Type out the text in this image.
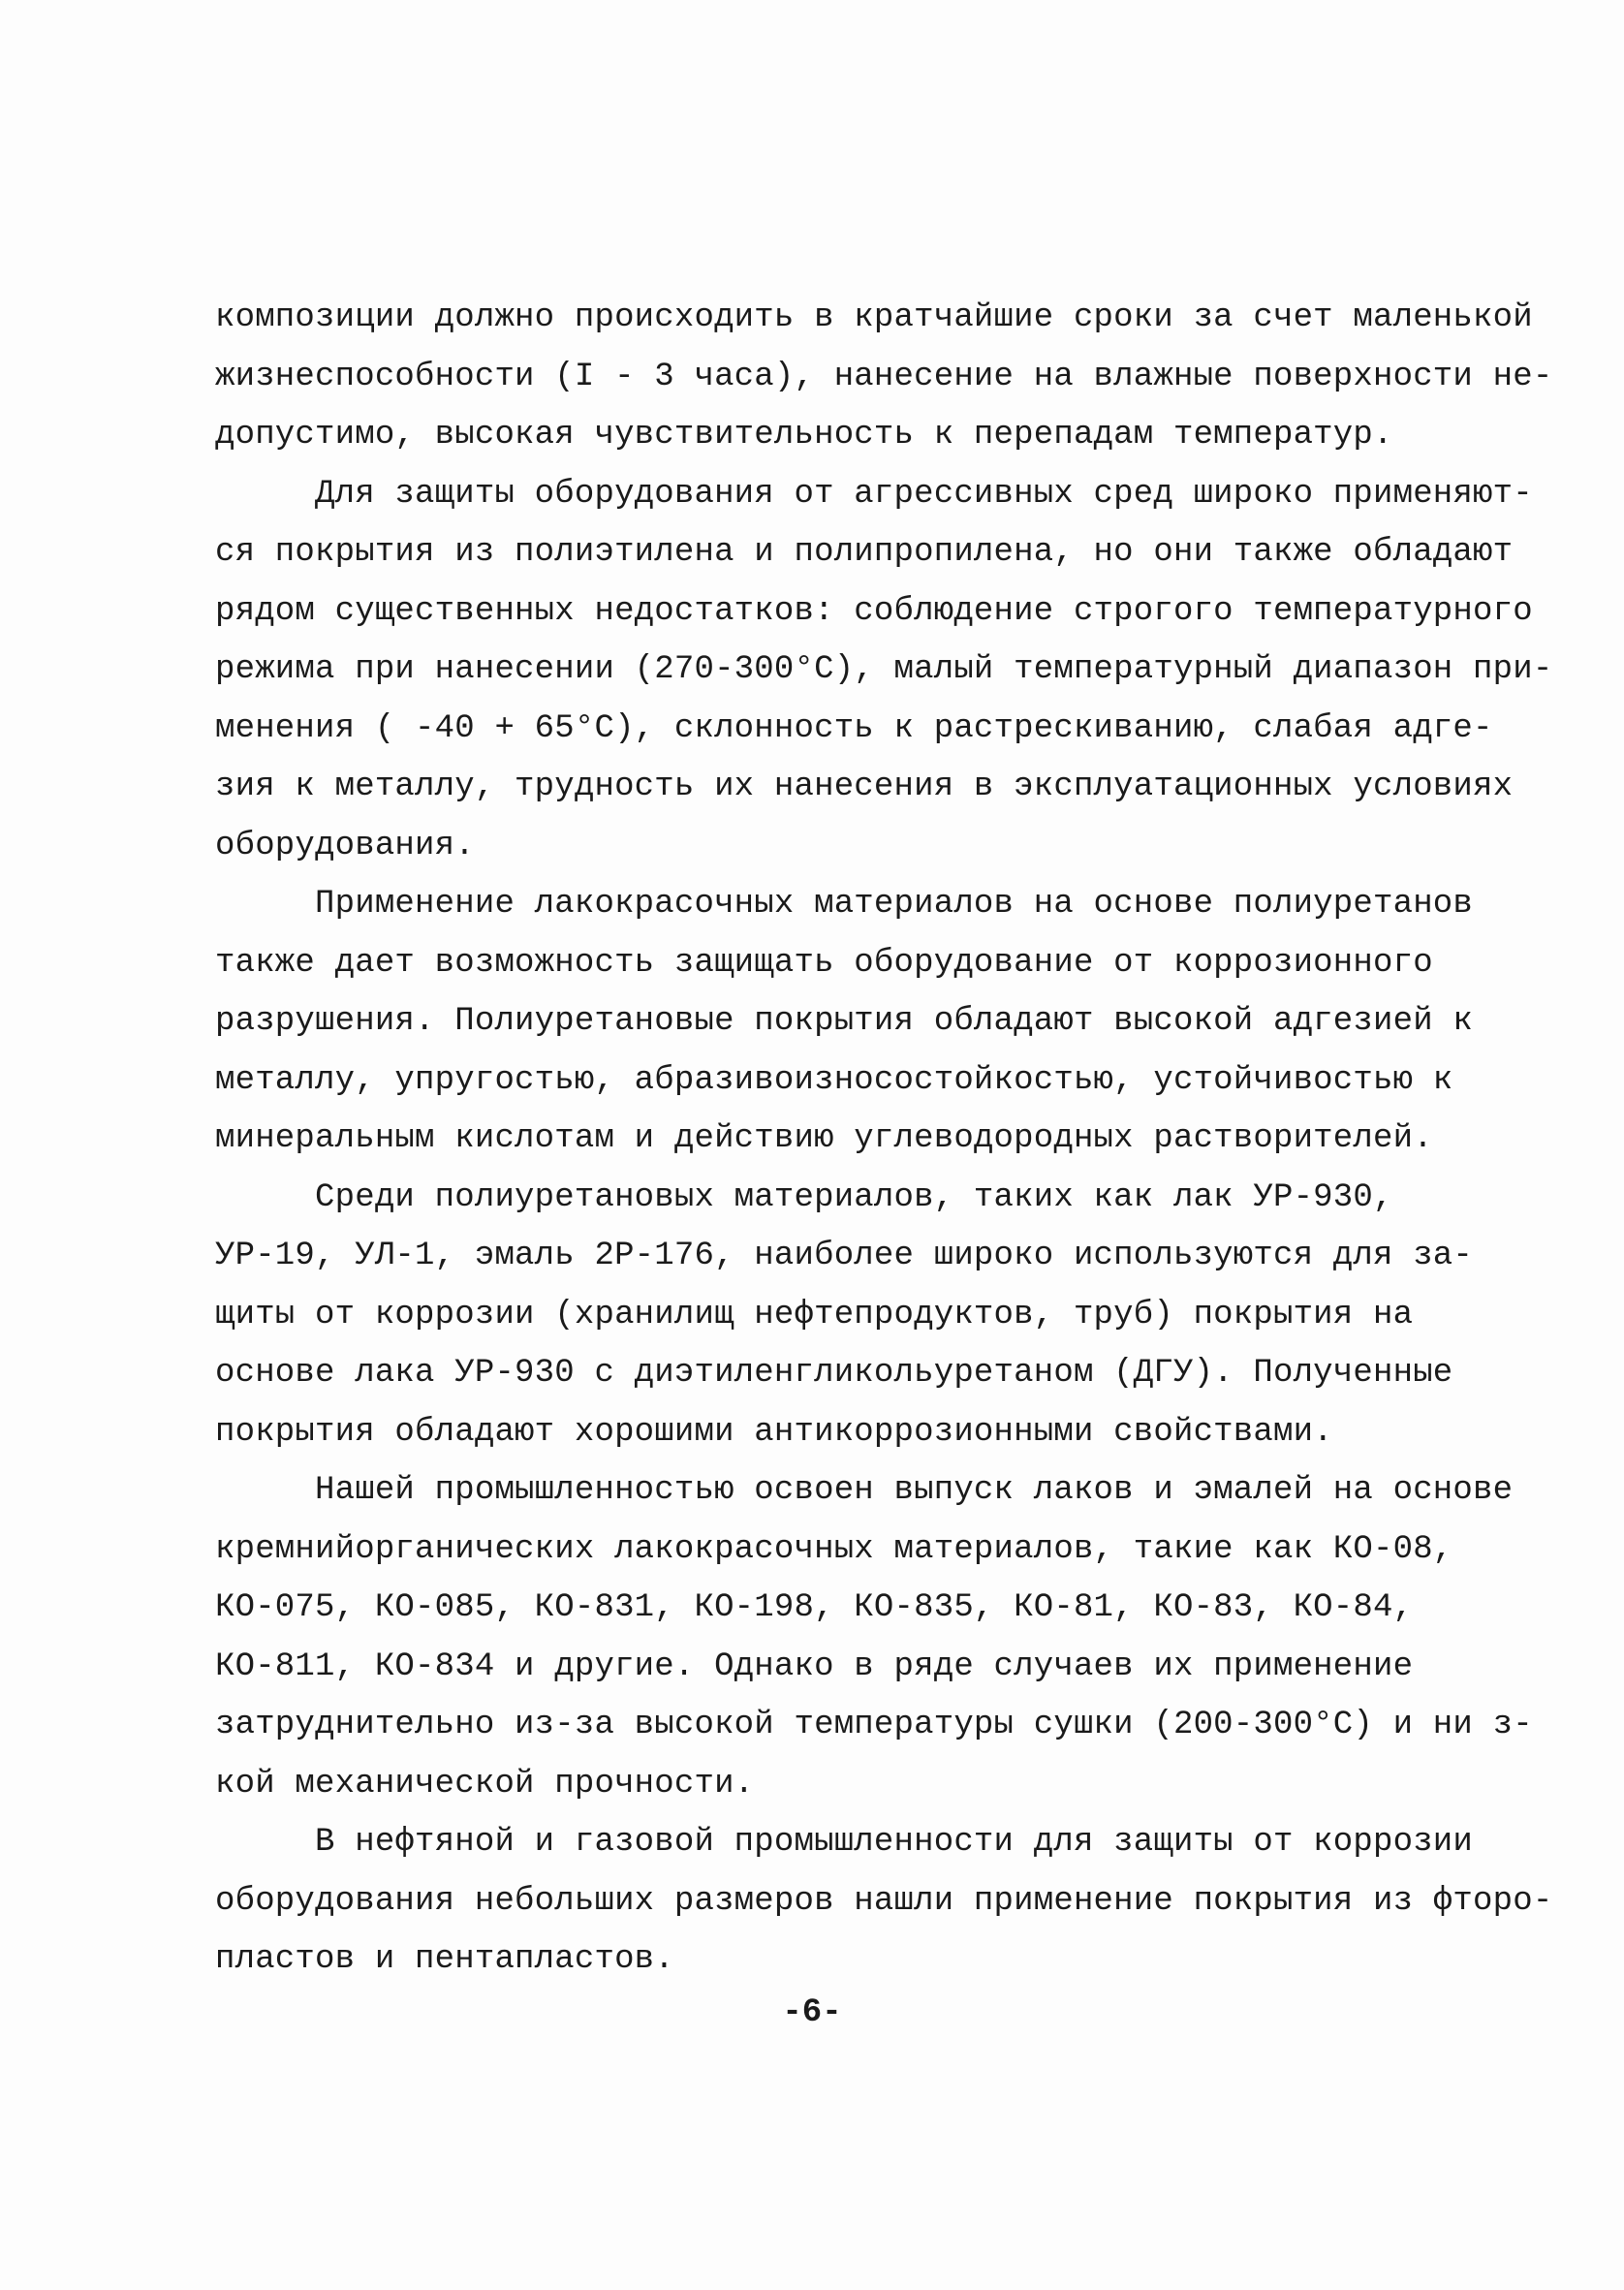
композиции должно происходить в кратчайшие сроки за счет маленькой
жизнеспособности (I - 3 часа), нанесение на влажные поверхности не-
допустимо, высокая чувствительность к перепадам температур.
Для защиты оборудования от агрессивных сред широко применяют-
ся покрытия из полиэтилена и полипропилена, но они также обладают
рядом существенных недостатков: соблюдение строгого температурного
режима при нанесении (270-300°С), малый температурный диапазон при-
менения ( -40 + 65°С), склонность к растрескиванию, слабая адге-
зия к металлу, трудность их нанесения в эксплуатационных условиях
оборудования.
Применение лакокрасочных материалов на основе полиуретанов
также дает возможность защищать оборудование от коррозионного
разрушения. Полиуретановые покрытия обладают высокой адгезией к
металлу, упругостью, абразивоизносостойкостью, устойчивостью к
минеральным кислотам и действию углеводородных растворителей.
Среди полиуретановых материалов, таких как лак УР-930,
УР-19, УЛ-1, эмаль 2Р-176, наиболее широко используются для за-
щиты от коррозии (хранилищ нефтепродуктов, труб) покрытия на
основе лака УР-930 с диэтиленгликольуретаном (ДГУ). Полученные
покрытия обладают хорошими антикоррозионными свойствами.
Нашей промышленностью освоен выпуск лаков и эмалей на основе
кремнийорганических лакокрасочных материалов, такие как КО-08,
КО-075, КО-085, КО-831, КО-198, КО-835, КО-81, КО-83, КО-84,
КО-811, КО-834 и другие. Однако в ряде случаев их применение
затруднительно из-за высокой температуры сушки (200-300°С) и ни з-
кой механической прочности.
В нефтяной и газовой промышленности для защиты от коррозии
оборудования небольших размеров нашли применение покрытия из фторо-
пластов и пентапластов.
-6-
